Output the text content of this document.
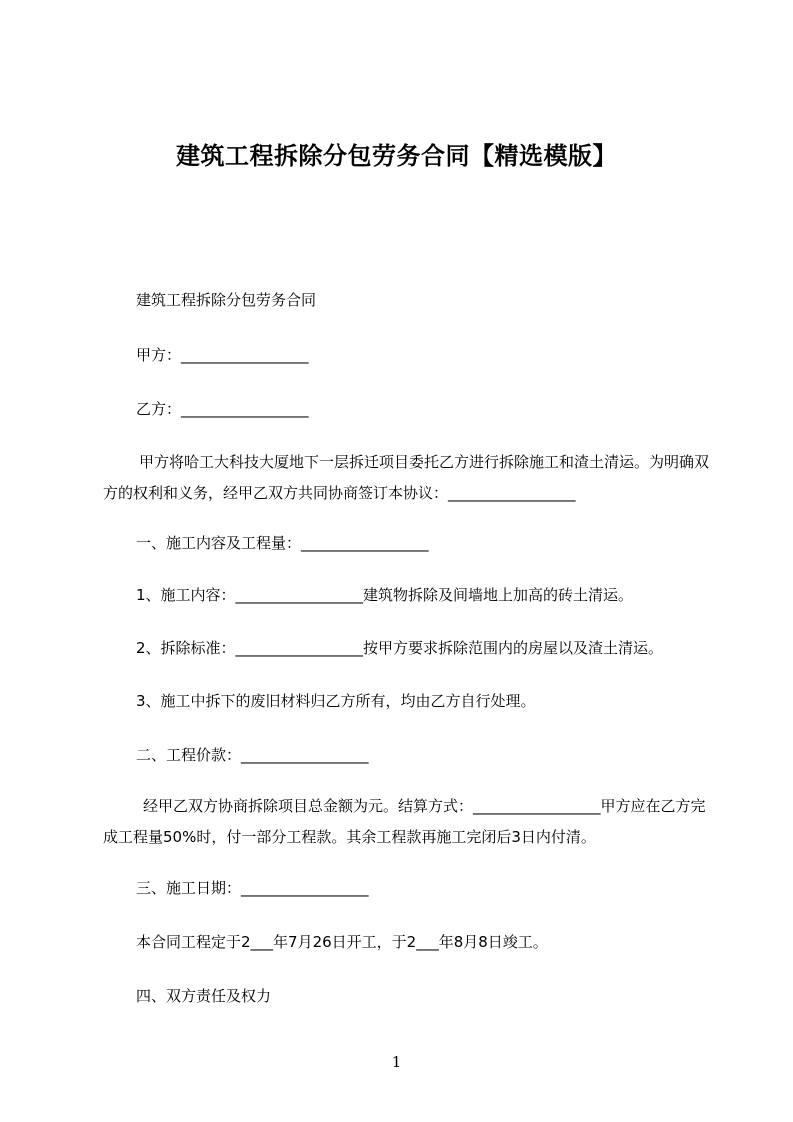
建筑工程拆除分包劳务合同【精选模版】
建筑工程拆除分包劳务合同
甲方：_________________
乙方：_________________
甲方将哈工大科技大厦地下一层拆迁项目委托乙方进行拆除施工和渣土清运。为明确双方的权利和义务，经甲乙双方共同协商签订本协议：_________________
一、施工内容及工程量：_________________
1、施工内容：_________________建筑物拆除及间墙地上加高的砖土清运。
2、拆除标准：_________________按甲方要求拆除范围内的房屋以及渣土清运。
3、施工中拆下的废旧材料归乙方所有，均由乙方自行处理。
二、工程价款：_________________
经甲乙双方协商拆除项目总金额为元。结算方式：_________________甲方应在乙方完成工程量50%时，付一部分工程款。其余工程款再施工完闭后3日内付清。
三、施工日期：_________________
本合同工程定于2___年7月26日开工，于2___年8月8日竣工。
四、双方责任及权力
1
